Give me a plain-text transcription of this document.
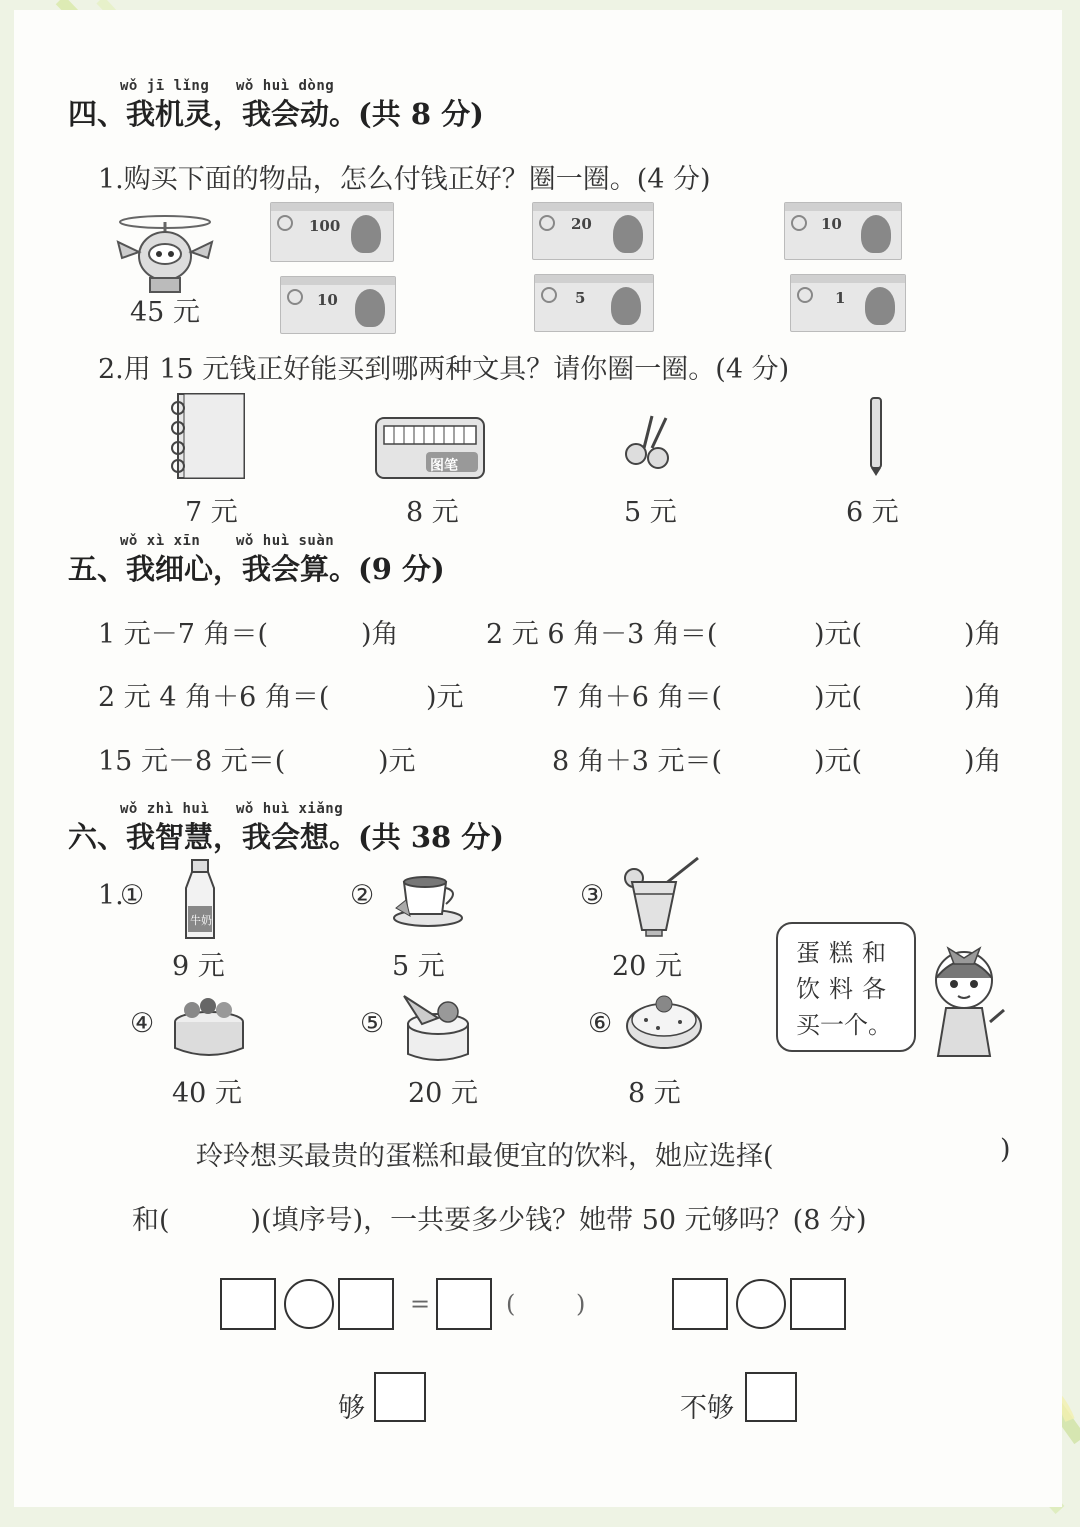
wǒ jī lǐng wǒ huì dòng
四、我机灵，我会动。(共 8 分)
1.购买下面的物品，怎么付钱正好？圈一圈。(4 分)
45 元
100	20	10
10	5	1
2.用 15 元钱正好能买到哪两种文具？请你圈一圈。(4 分)
图笔
7 元	8 元	5 元	6 元
wǒ xì xīn	wǒ huì suàn
五、我细心，我会算。(9 分)
1 元－7 角＝(	)角	2 元 6 角－3 角＝(	)元(	)角
2 元 4 角＋6 角＝(	)元	7 角＋6 角＝(	)元(	)角
15 元－8 元＝(	)元	8 角＋3 元＝(	)元(	)角
wǒ zhì huì wǒ huì xiǎng
六、我智慧，我会想。(共 38 分)
1.
①
牛奶
9 元
②
5 元
③
20 元
④
40 元
⑤
20 元
⑥
8 元
蛋糕和
饮料各
买一个。
玲玲想买最贵的蛋糕和最便宜的饮料，她应选择(	)
和(　　　)(填序号)，一共要多少钱？她带 50 元够吗？(8 分)
=	(	)
够	不够
